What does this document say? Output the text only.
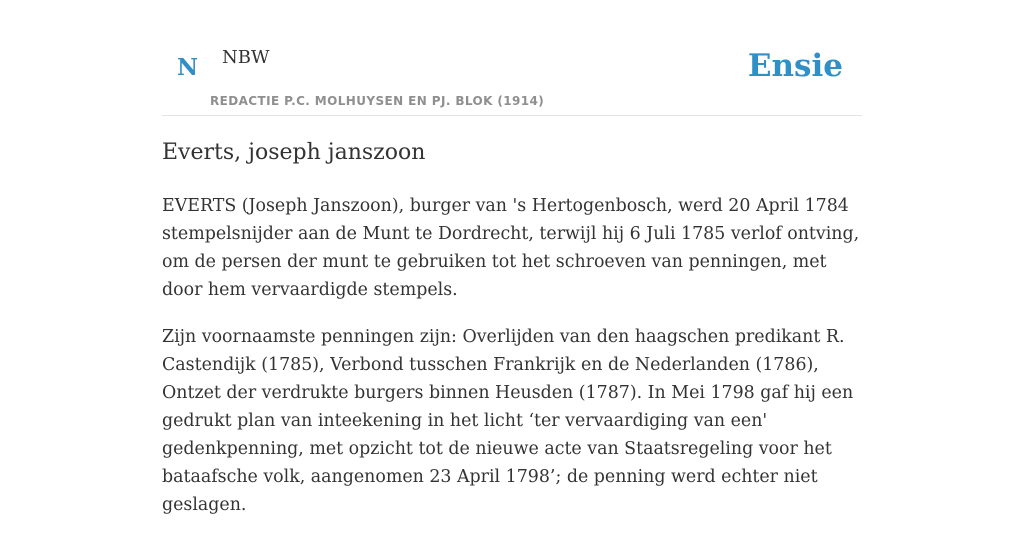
N NBW
REDACTIE P.C. MOLHUYSEN EN PJ. BLOK (1914)
Ensie
Everts, joseph janszoon

EVERTS (Joseph Janszoon), burger van 's Hertogenbosch, werd 20 April 1784 stempelsnijder aan de Munt te Dordrecht, terwijl hij 6 Juli 1785 verlof ontving, om de persen der munt te gebruiken tot het schroeven van penningen, met door hem vervaardigde stempels.

Zijn voornaamste penningen zijn: Overlijden van den haagschen predikant R. Castendijk (1785), Verbond tusschen Frankrijk en de Nederlanden (1786), Ontzet der verdrukte burgers binnen Heusden (1787). In Mei 1798 gaf hij een gedrukt plan van inteekening in het licht ‘ter vervaardiging van een' gedenkpenning, met opzicht tot de nieuwe acte van Staatsregeling voor het bataafsche volk, aangenomen 23 April 1798’; de penning werd echter niet geslagen.
